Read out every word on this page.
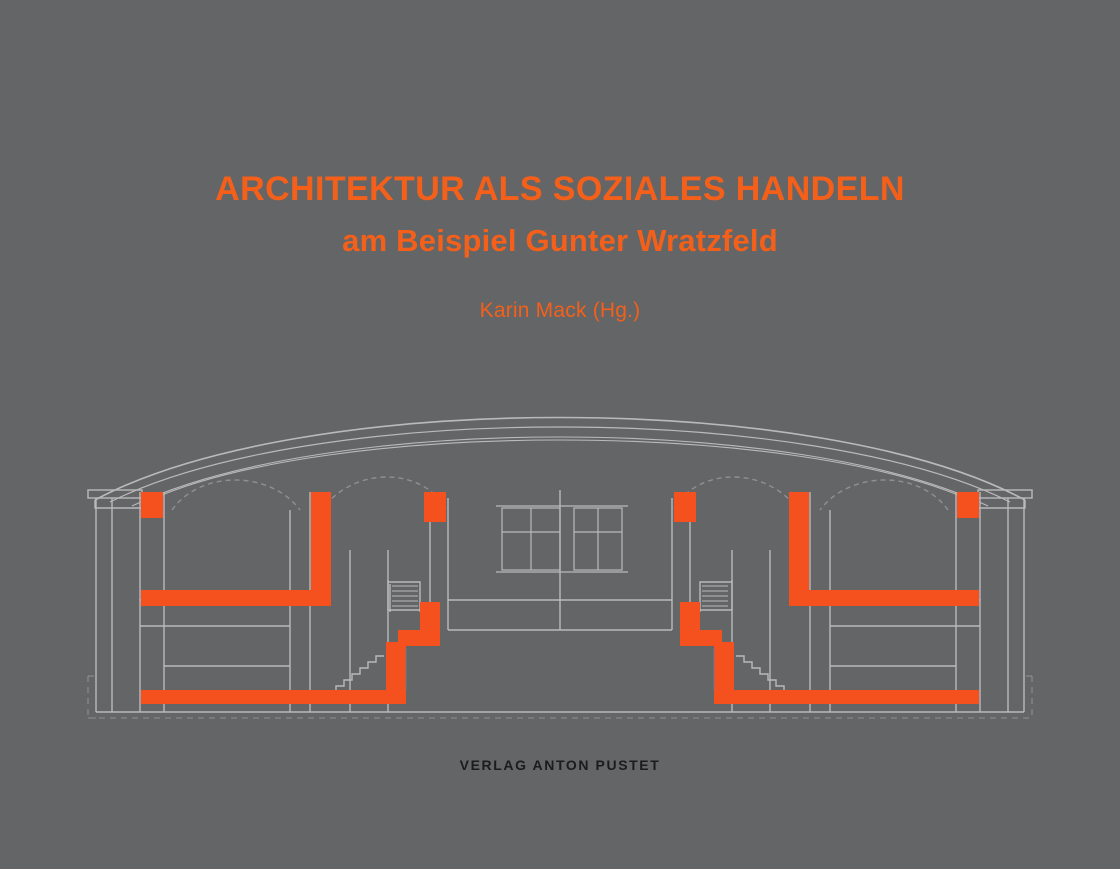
ARCHITEKTUR ALS SOZIALES HANDELN
am Beispiel Gunter Wratzfeld
Karin Mack (Hg.)
VERLAG ANTON PUSTET
